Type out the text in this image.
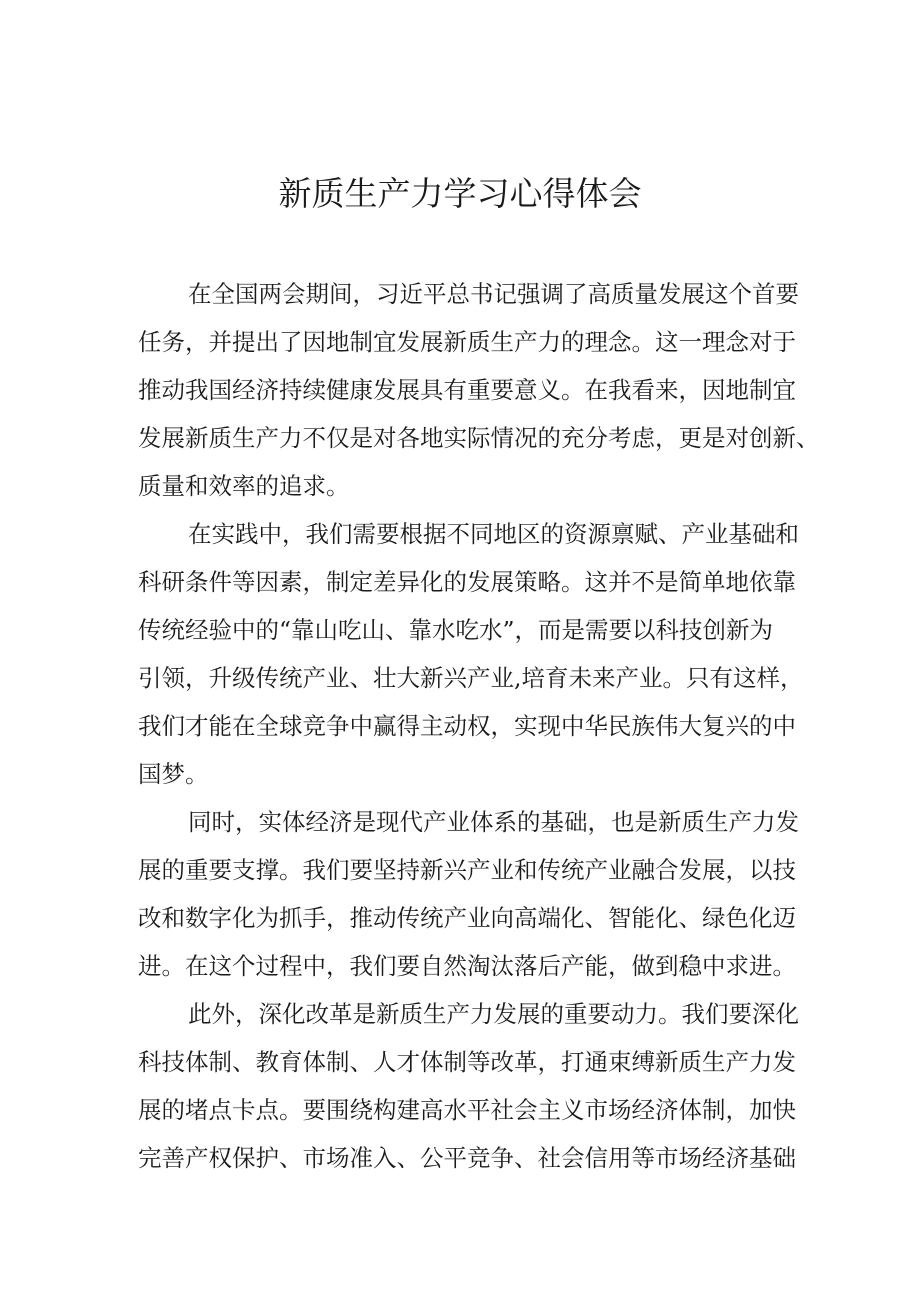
新质生产力学习心得体会

在全国两会期间，习近平总书记强调了高质量发展这个首要
任务，并提出了因地制宜发展新质生产力的理念。这一理念对于
推动我国经济持续健康发展具有重要意义。在我看来，因地制宜
发展新质生产力不仅是对各地实际情况的充分考虑，更是对创新、
质量和效率的追求。

在实践中，我们需要根据不同地区的资源禀赋、产业基础和
科研条件等因素，制定差异化的发展策略。这并不是简单地依靠
传统经验中的“靠山吃山、靠水吃水”，而是需要以科技创新为
引领，升级传统产业、壮大新兴产业,培育未来产业。只有这样，
我们才能在全球竞争中赢得主动权，实现中华民族伟大复兴的中
国梦。

同时，实体经济是现代产业体系的基础，也是新质生产力发
展的重要支撑。我们要坚持新兴产业和传统产业融合发展，以技
改和数字化为抓手，推动传统产业向高端化、智能化、绿色化迈
进。在这个过程中，我们要自然淘汰落后产能，做到稳中求进。

此外，深化改革是新质生产力发展的重要动力。我们要深化
科技体制、教育体制、人才体制等改革，打通束缚新质生产力发
展的堵点卡点。要围绕构建高水平社会主义市场经济体制，加快
完善产权保护、市场准入、公平竞争、社会信用等市场经济基础
